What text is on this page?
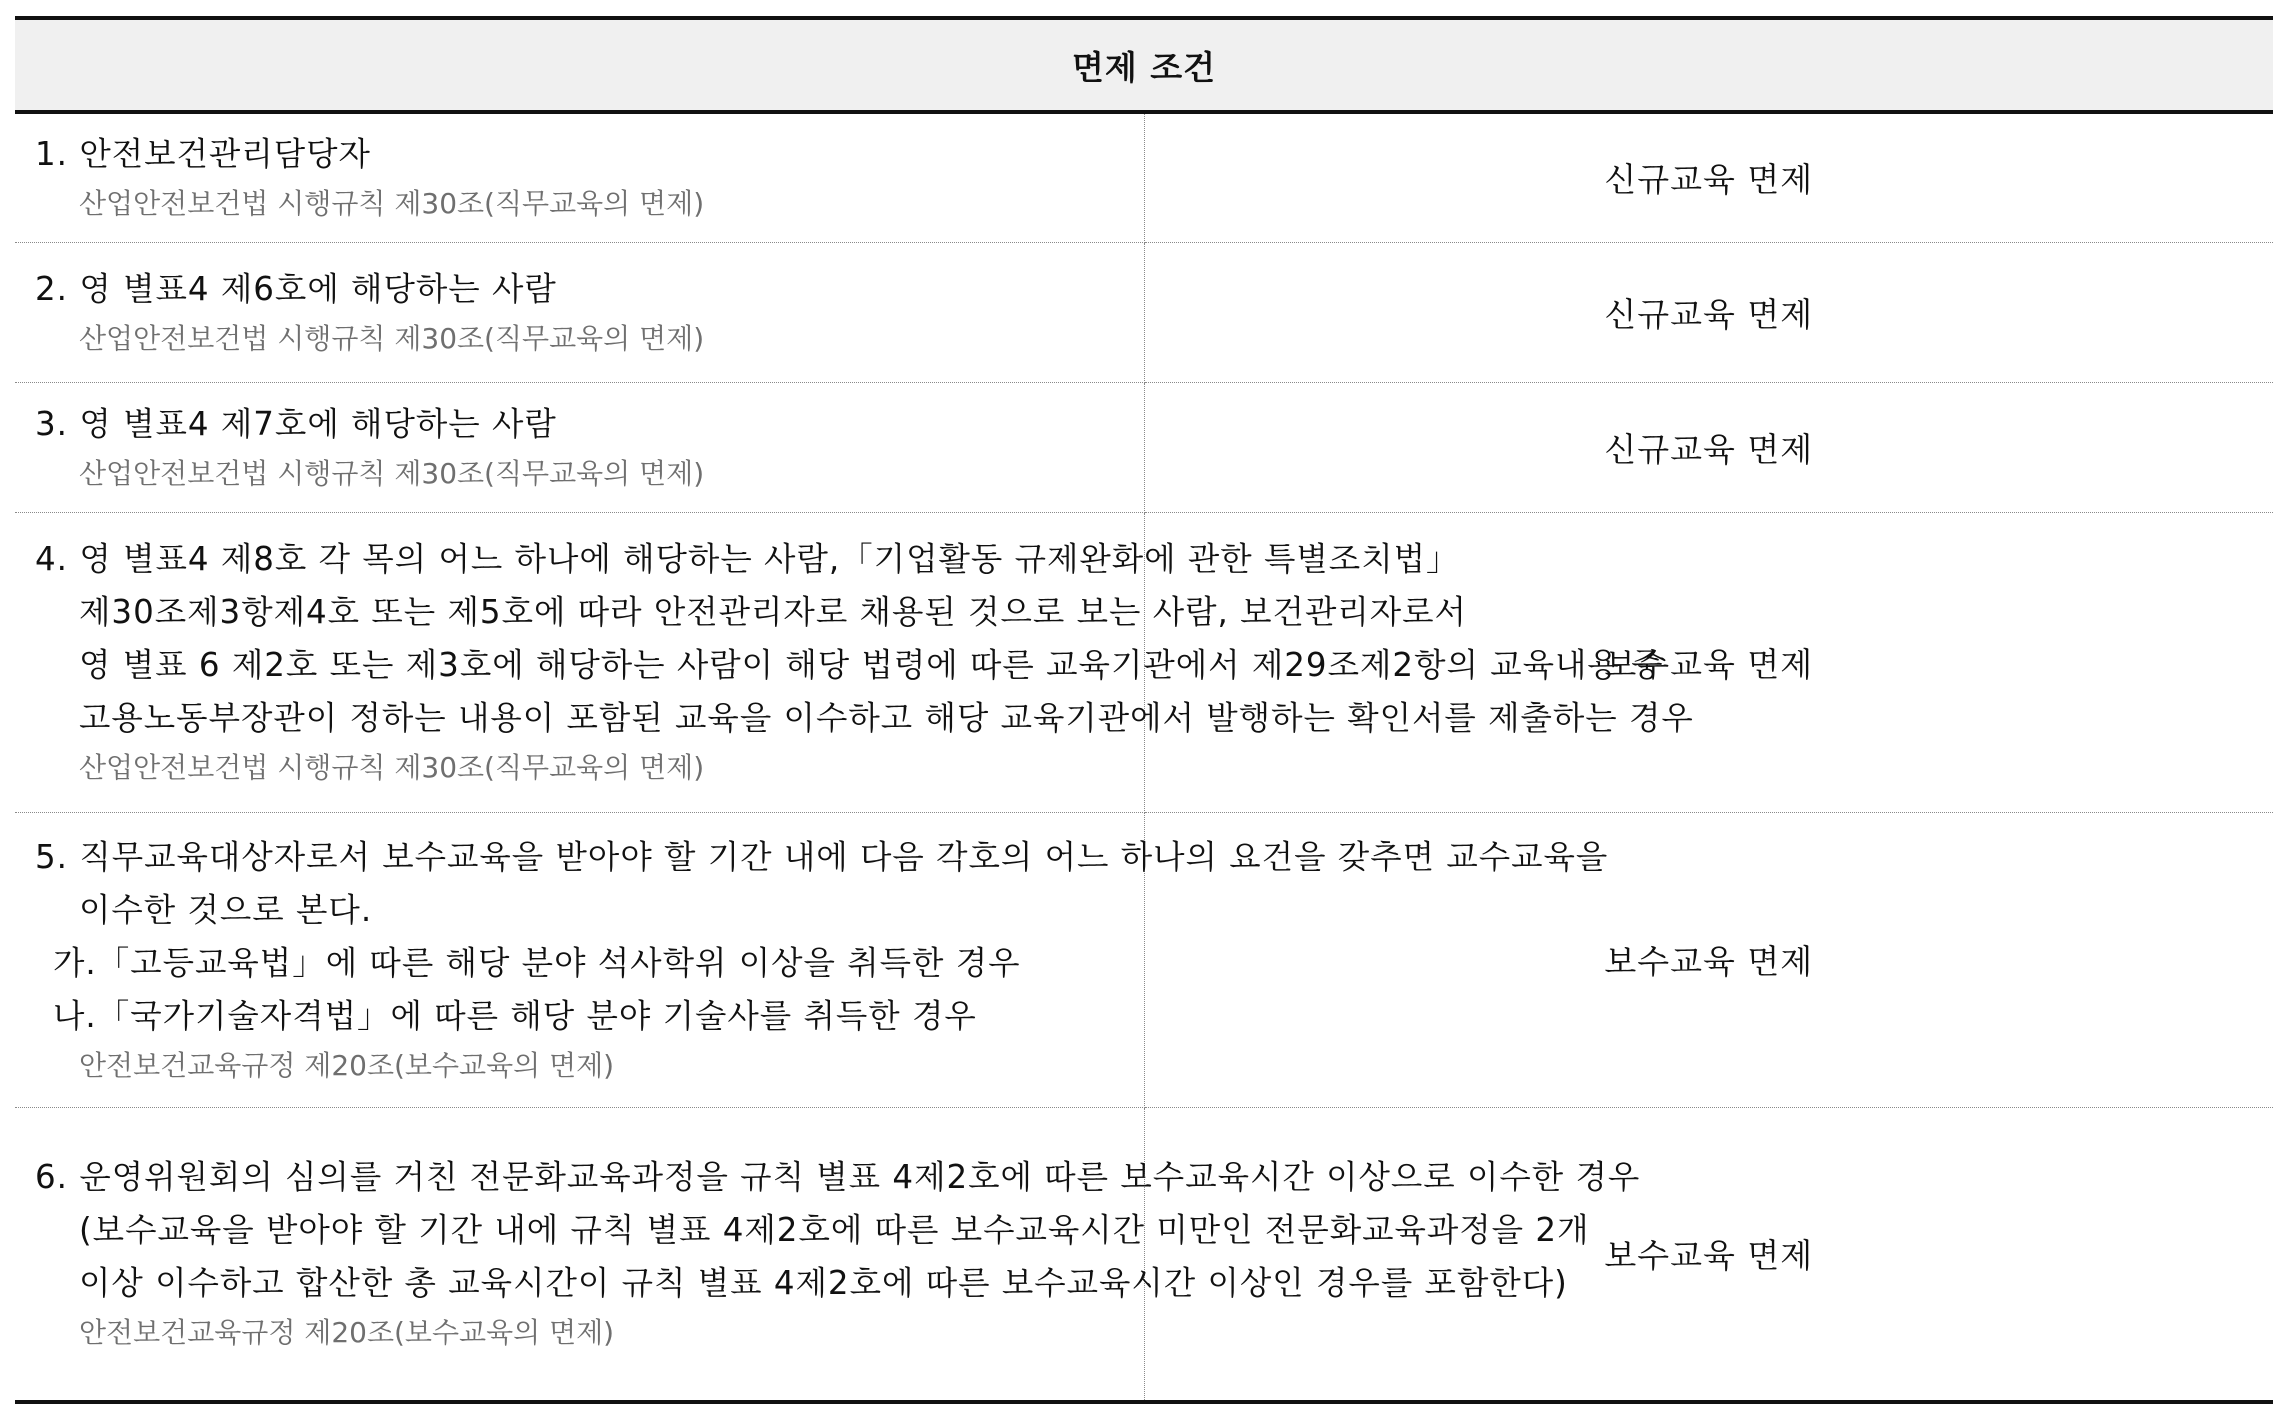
면제 조건	

1. 안전보건관리담당자
산업안전보건법 시행규칙 제30조(직무교육의 면제)	신규교육 면제

2. 영 별표4 제6호에 해당하는 사람
산업안전보건법 시행규칙 제30조(직무교육의 면제)	신규교육 면제

3. 영 별표4 제7호에 해당하는 사람
산업안전보건법 시행규칙 제30조(직무교육의 면제)	신규교육 면제

4. 영 별표4 제8호 각 목의 어느 하나에 해당하는 사람,「기업활동 규제완화에 관한 특별조치법」
제30조제3항제4호 또는 제5호에 따라 안전관리자로 채용된 것으로 보는 사람, 보건관리자로서
영 별표 6 제2호 또는 제3호에 해당하는 사람이 해당 법령에 따른 교육기관에서 제29조제2항의 교육내용 중
고용노동부장관이 정하는 내용이 포함된 교육을 이수하고 해당 교육기관에서 발행하는 확인서를 제출하는 경우
산업안전보건법 시행규칙 제30조(직무교육의 면제)	보수교육 면제

5. 직무교육대상자로서 보수교육을 받아야 할 기간 내에 다음 각호의 어느 하나의 요건을 갖추면 교수교육을
이수한 것으로 본다.
가.「고등교육법」에 따른 해당 분야 석사학위 이상을 취득한 경우
나.「국가기술자격법」에 따른 해당 분야 기술사를 취득한 경우
안전보건교육규정 제20조(보수교육의 면제)	보수교육 면제

6. 운영위원회의 심의를 거친 전문화교육과정을 규칙 별표 4제2호에 따른 보수교육시간 이상으로 이수한 경우
(보수교육을 받아야 할 기간 내에 규칙 별표 4제2호에 따른 보수교육시간 미만인 전문화교육과정을 2개
이상 이수하고 합산한 총 교육시간이 규칙 별표 4제2호에 따른 보수교육시간 이상인 경우를 포함한다)
안전보건교육규정 제20조(보수교육의 면제)	보수교육 면제
